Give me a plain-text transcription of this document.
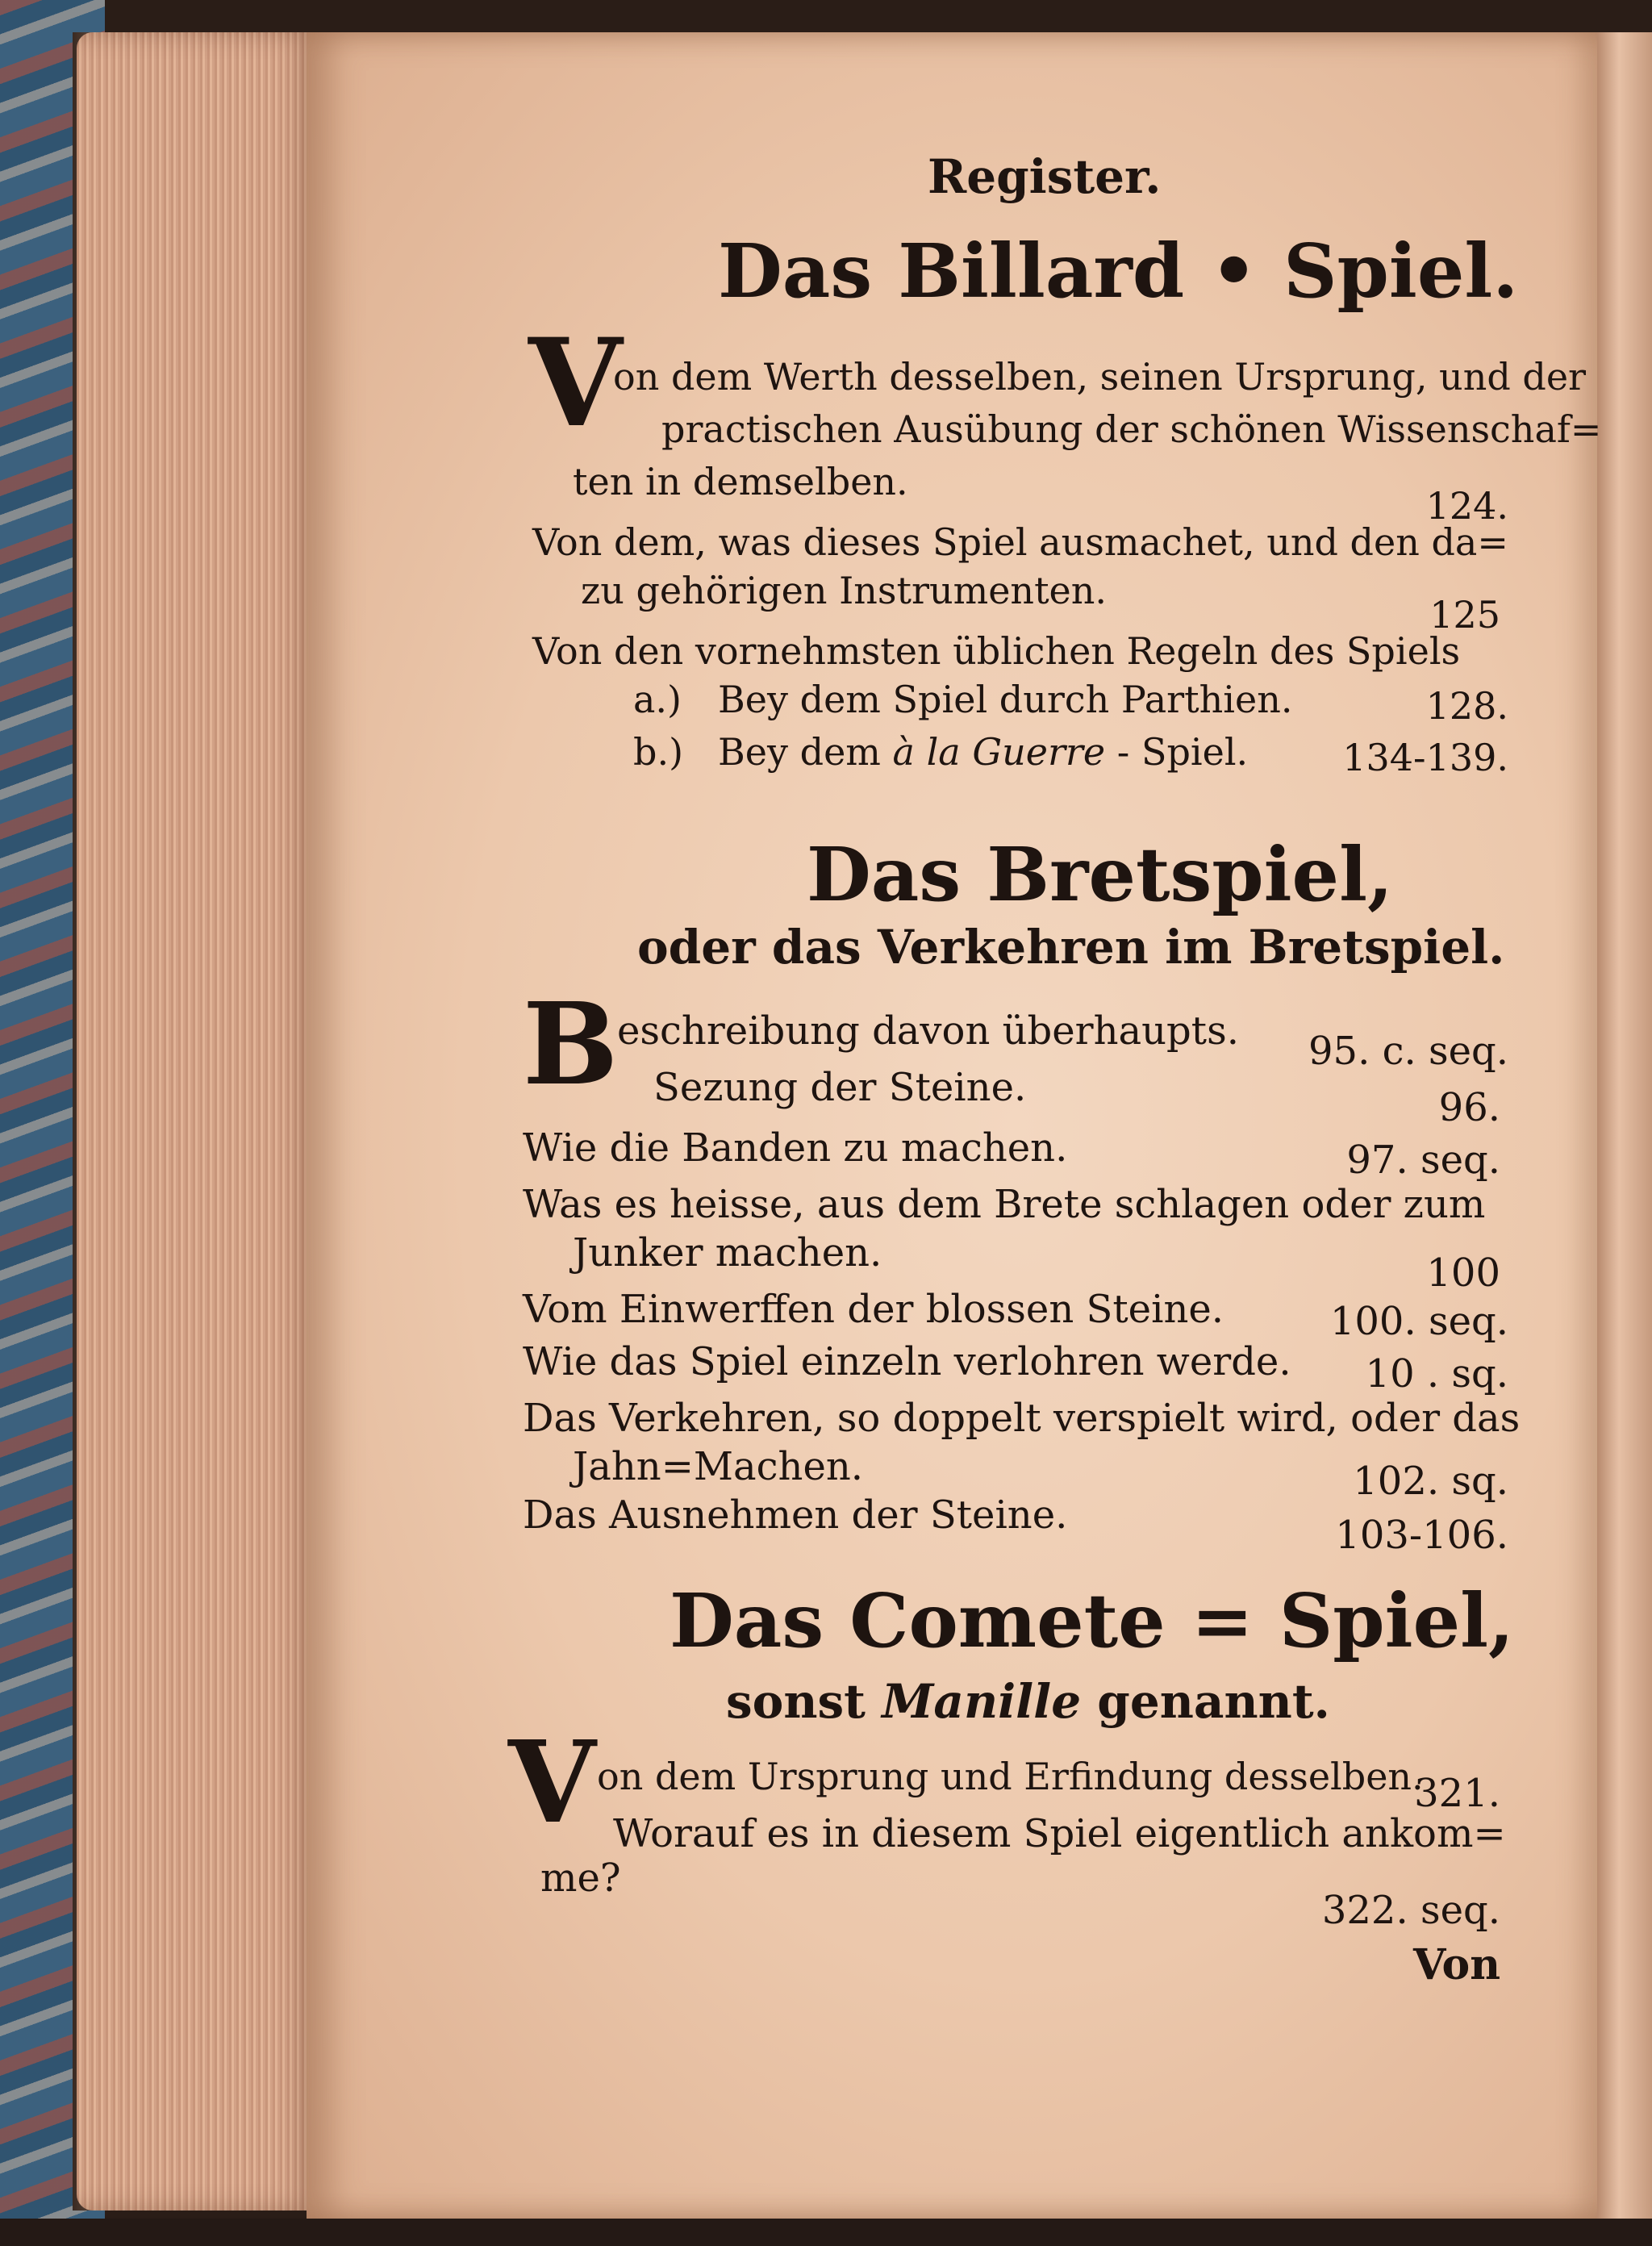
Register.
Das Billard • Spiel.
V
on dem Werth desselben, seinen Ursprung, und der
practischen Ausübung der schönen Wissenschaf=
ten in demselben.
124.
Von dem, was dieses Spiel ausmachet, und den da=
zu gehörigen Instrumenten.
125
Von den vornehmsten üblichen Regeln des Spiels
a.) Bey dem Spiel durch Parthien.	128.
b.) Bey dem à la Guerre - Spiel.	134-139.
Das Bretspiel,
oder das Verkehren im Bretspiel.
B
eschreibung davon überhaupts.	95. c. seq.
Sezung der Steine.	96.
Wie die Banden zu machen.	97. seq.
Was es heisse, aus dem Brete schlagen oder zum
Junker machen.	100
Vom Einwerffen der blossen Steine.	100. seq.
Wie das Spiel einzeln verlohren werde.	10 . sq.
Das Verkehren, so doppelt verspielt wird, oder das
Jahn=Machen.	102. sq.
Das Ausnehmen der Steine.	103-106.
Das Comete = Spiel,
sonst Manille genannt.
V on dem Ursprung und Erfindung desselben.
321.
Worauf es in diesem Spiel eigentlich ankom=
me?
322. seq.
Von
